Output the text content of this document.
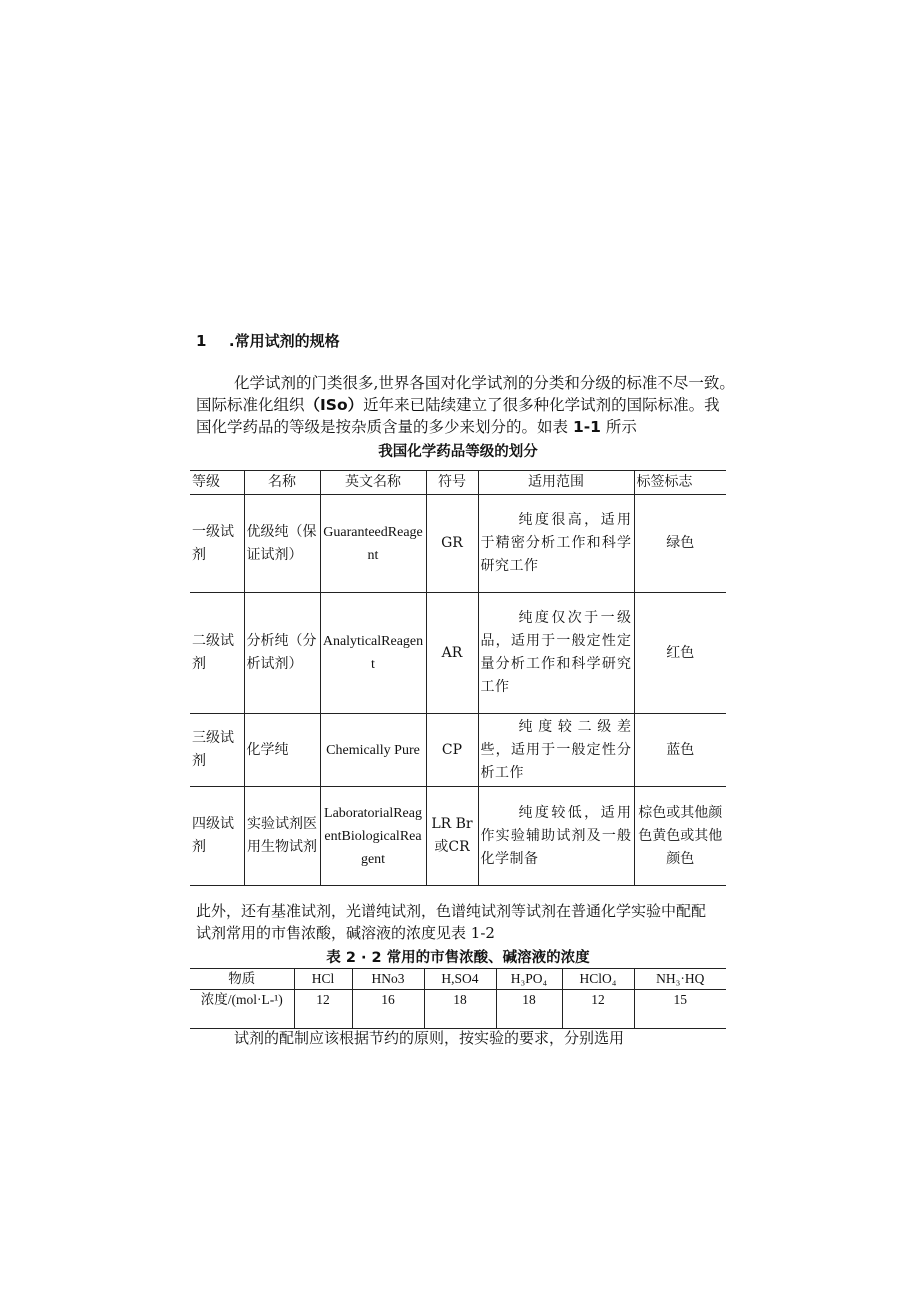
1 .常用试剂的规格
化学试剂的门类很多,世界各国对化学试剂的分类和分级的标准不尽一致。
国际标准化组织（ISo）近年来已陆续建立了很多种化学试剂的国际标准。我
国化学药品的等级是按杂质含量的多少来划分的。如表 1-1 所示
我国化学药品等级的划分
等级	名称	英文名称	符号	适用范围	标签标志
一级试剂	优级纯（保证试剂）	GuaranteedReagent	GR	纯度很高，适用于精密分析工作和科学研究工作	绿色
二级试剂	分析纯（分析试剂）	AnalyticalReagent	AR	纯度仅次于一级品，适用于一般定性定量分析工作和科学研究工作	红色
三级试剂	化学纯	Chemically Pure	CP	纯度较二级差些，适用于一般定性分析工作	蓝色
四级试剂	实验试剂医用生物试剂	LaboratorialReagentBiologicalReagent	LR Br或CR	纯度较低，适用作实验辅助试剂及一般化学制备	棕色或其他颜色黄色或其他颜色
此外，还有基准试剂，光谱纯试剂，色谱纯试剂等试剂在普通化学实验中配配
试剂常用的市售浓酸，碱溶液的浓度见表 1-2
表 2 · 2 常用的市售浓酸、碱溶液的浓度
物质	HCl	HNo3	H,SO4	H₃PO₄	HClO₄	NH₃·HQ
浓度/(mol·L-¹)	12	16	18	18	12	15
试剂的配制应该根据节约的原则，按实验的要求，分别选用
